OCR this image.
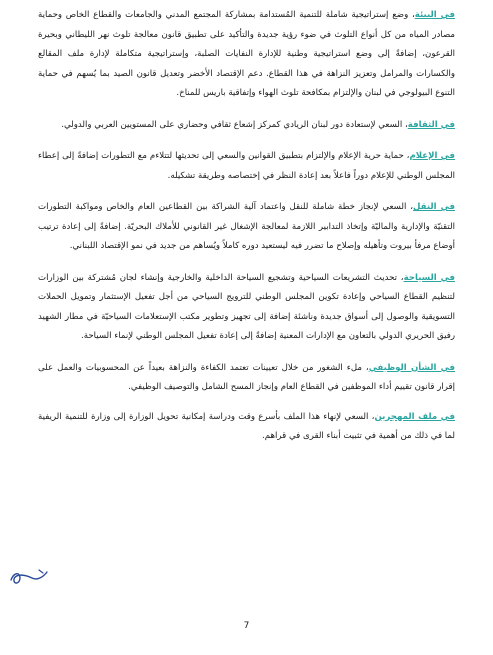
في البيئة، وضع إستراتيجية شاملة للتنمية المُستدامة بمشاركة المجتمع المدني والجامعات والقطاع الخاص وحماية مصادر المياه من كل أنواع التلوث في ضوء رؤية جديدة والتأكيد على تطبيق قانون معالجة تلوث نهر الليطاني وبحيرة القرعون، إضافةً إلى وضع استراتيجية وطنية للإدارة النفايات الصلبة، وإستراتيجية متكاملة لإدارة ملف المقالع والكسارات والمرامل وتعزيز النزاهة في هذا القطاع. دعم الإقتصاد الأخضر وتعديل قانون الصيد بما يُسهم في حماية التنوع البيولوجي في لبنان والإلتزام بمكافحة تلوث الهواء وإتفاقية باريس للمناخ.

في الثقافة، السعي لإستعادة دور لبنان الريادي كمركز إشعاع ثقافي وحضاري على المستويين العربي والدولي.

في الإعلام، حماية حرية الإعلام والإلتزام بتطبيق القوانين والسعي إلى تحديثها لتتلاءم مع التطورات إضافةً إلى إعطاء المجلس الوطني للإعلام دوراً فاعلاً بعد إعادة النظر في إختصاصه وطريقة تشكيله.

في النقل، السعي لإنجاز خطة شاملة للنقل واعتماد آلية الشراكة بين القطاعين العام والخاص ومواكبة التطورات التقنيّة والإدارية والماليّة وإتخاذ التدابير اللازمة لمعالجة الإشغال غير القانوني للأملاك البحريّة. إضافةً إلى إعادة ترتيب أوضاع مرفأ بيروت وتأهيله وإصلاح ما تضرر فيه ليستعيد دوره كاملاً ويُساهم من جديد في نمو الإقتصاد اللبناني.

في السياحة، تحديث التشريعات السياحية وتشجيع السياحة الداخلية والخارجية وإنشاء لجان مُشتركة بين الوزارات لتنظيم القطاع السياحي وإعادة تكوين المجلس الوطني للترويج السياحي من أجل تفعيل الإستثمار وتمويل الحملات التسويقية والوصول إلى أسواق جديدة وناشئة إضافة إلى تجهيز وتطوير مكتب الإستعلامات السياحيّة في مطار الشهيد رفيق الحريري الدولي بالتعاون مع الإدارات المعنية إضافةً إلى إعادة تفعيل المجلس الوطني لإنماء السياحة.

في الشأن الوظيفي، ملء الشغور من خلال تعيينات تعتمد الكفاءة والنزاهة بعيداً عن المحسوبيات والعمل على إقرار قانون تقييم أداء الموظفين في القطاع العام وإنجاز المسح الشامل والتوصيف الوظيفي.

في ملف المهجرين، السعي لإنهاء هذا الملف بأسرع وقت ودراسة إمكانية تحويل الوزارة إلى وزارة للتنمية الريفية لما في ذلك من أهمية في تثبيت أبناء القرى في قراهم.

7
